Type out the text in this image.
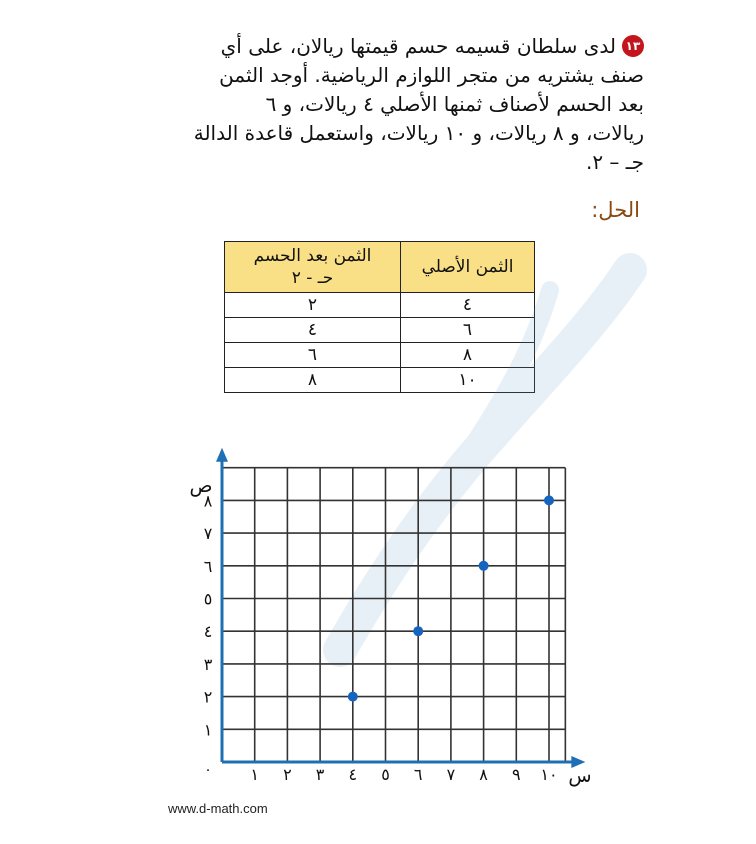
١٣لدى سلطان قسيمه حسم قيمتها ريالان، على أي
صنف يشتريه من متجر اللوازم الرياضية. أوجد الثمن
بعد الحسم لأصناف ثمنها الأصلي ٤ ريالات، و ٦
ريالات، و ٨ ريالات، و ١٠ ريالات، واستعمل قاعدة الدالة
جـ – ٢.
الحل:
الثمن الأصلي	الثمن بعد الحسم
حـ - ٢

٤	٢
٦	٤
٨	٦
١٠	٨
١ ٢ ٣ ٤ ٥ ٦ ٧ ٨ ٩ ١٠
١
٢
٣
٤
٥
٦
٧
٨
٠	س
ص
www.d-math.com
